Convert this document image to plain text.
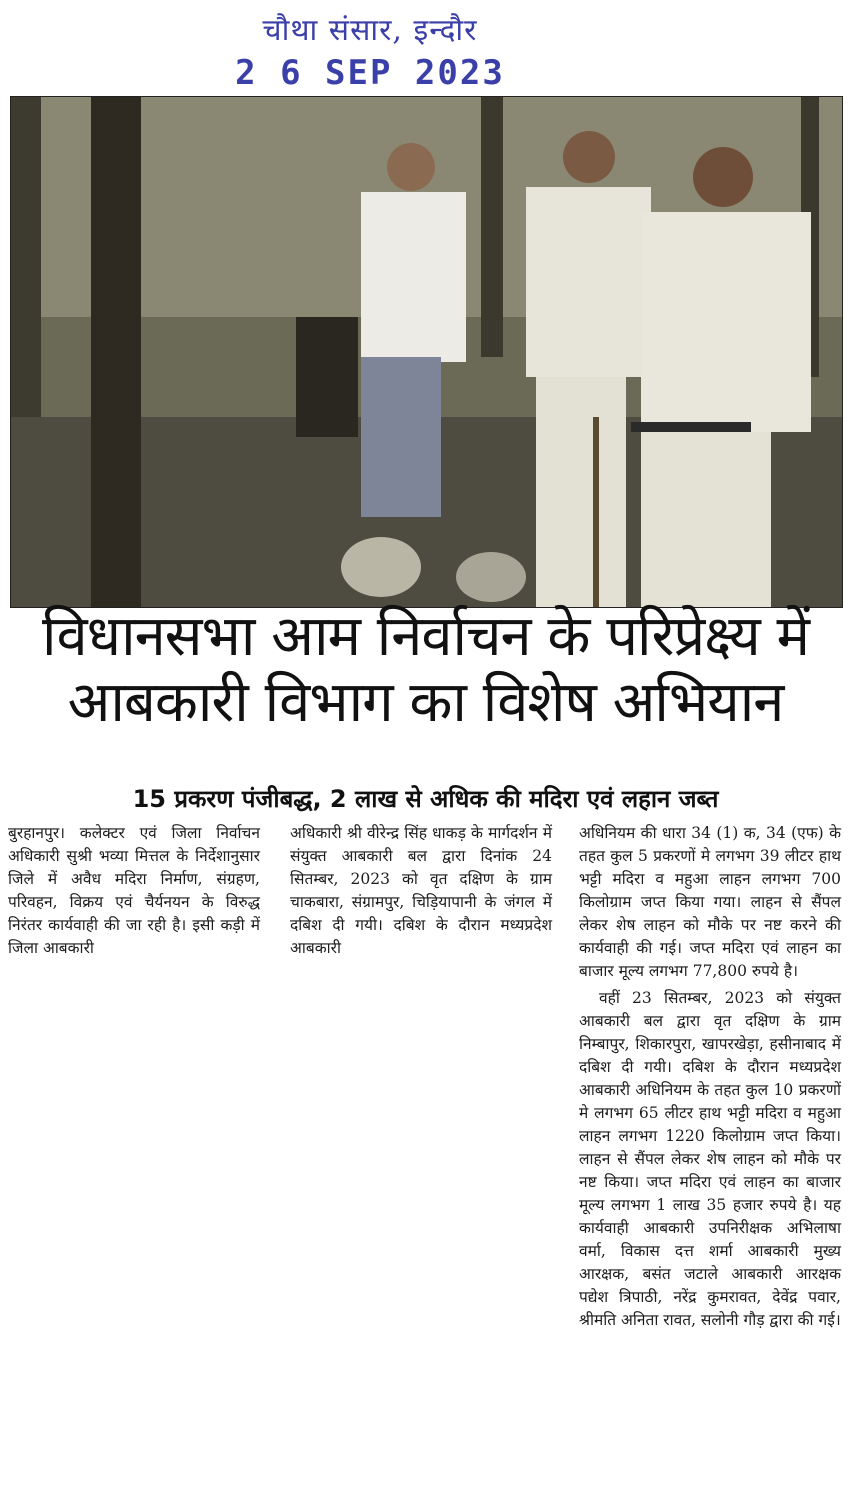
चौथा संसार, इन्दौर
2 6 SEP 2023
विधानसभा आम निर्वाचन के परिप्रेक्ष्य में
आबकारी विभाग का विशेष अभियान
15 प्रकरण पंजीबद्ध, 2 लाख से अधिक की मदिरा एवं लहान जब्त

बुरहानपुर। कलेक्टर एवं जिला निर्वाचन अधिकारी सुश्री भव्या मित्तल के निर्देशानुसार जिले में अवैध मदिरा निर्माण, संग्रहण, परिवहन, विक्रय एवं चैर्यनयन के विरुद्ध निरंतर कार्यवाही की जा रही है। इसी कड़ी में जिला आबकारी

अधिकारी श्री वीरेन्द्र सिंह धाकड़ के मार्गदर्शन में संयुक्त आबकारी बल द्वारा दिनांक 24 सितम्बर, 2023 को वृत दक्षिण के ग्राम चाकबारा, संग्रामपुर, चिड़ियापानी के जंगल में दबिश दी गयी। दबिश के दौरान मध्यप्रदेश आबकारी

अधिनियम की धारा 34 (1) क, 34 (एफ) के तहत कुल 5 प्रकरणों मे लगभग 39 लीटर हाथ भट्टी मदिरा व महुआ लाहन लगभग 700 किलोग्राम जप्त किया गया। लाहन से सैंपल लेकर शेष लाहन को मौके पर नष्ट करने की कार्यवाही की गई। जप्त मदिरा एवं लाहन का बाजार मूल्य लगभग 77,800 रुपये है।

वहीं 23 सितम्बर, 2023 को संयुक्त आबकारी बल द्वारा वृत दक्षिण के ग्राम निम्बापुर, शिकारपुरा, खापरखेड़ा, हसीनाबाद में दबिश दी गयी। दबिश के दौरान मध्यप्रदेश आबकारी अधिनियम के तहत कुल 10 प्रकरणों मे लगभग 65 लीटर हाथ भट्टी मदिरा व महुआ लाहन लगभग 1220 किलोग्राम जप्त किया। लाहन से सैंपल लेकर शेष लाहन को मौके पर नष्ट किया। जप्त मदिरा एवं लाहन का बाजार मूल्य लगभग 1 लाख 35 हजार रुपये है। यह कार्यवाही आबकारी उपनिरीक्षक अभिलाषा वर्मा, विकास दत्त शर्मा आबकारी मुख्य आरक्षक, बसंत जटाले आबकारी आरक्षक पद्येश त्रिपाठी, नरेंद्र कुमरावत, देवेंद्र पवार, श्रीमति अनिता रावत, सलोनी गौड़ द्वारा की गई।
